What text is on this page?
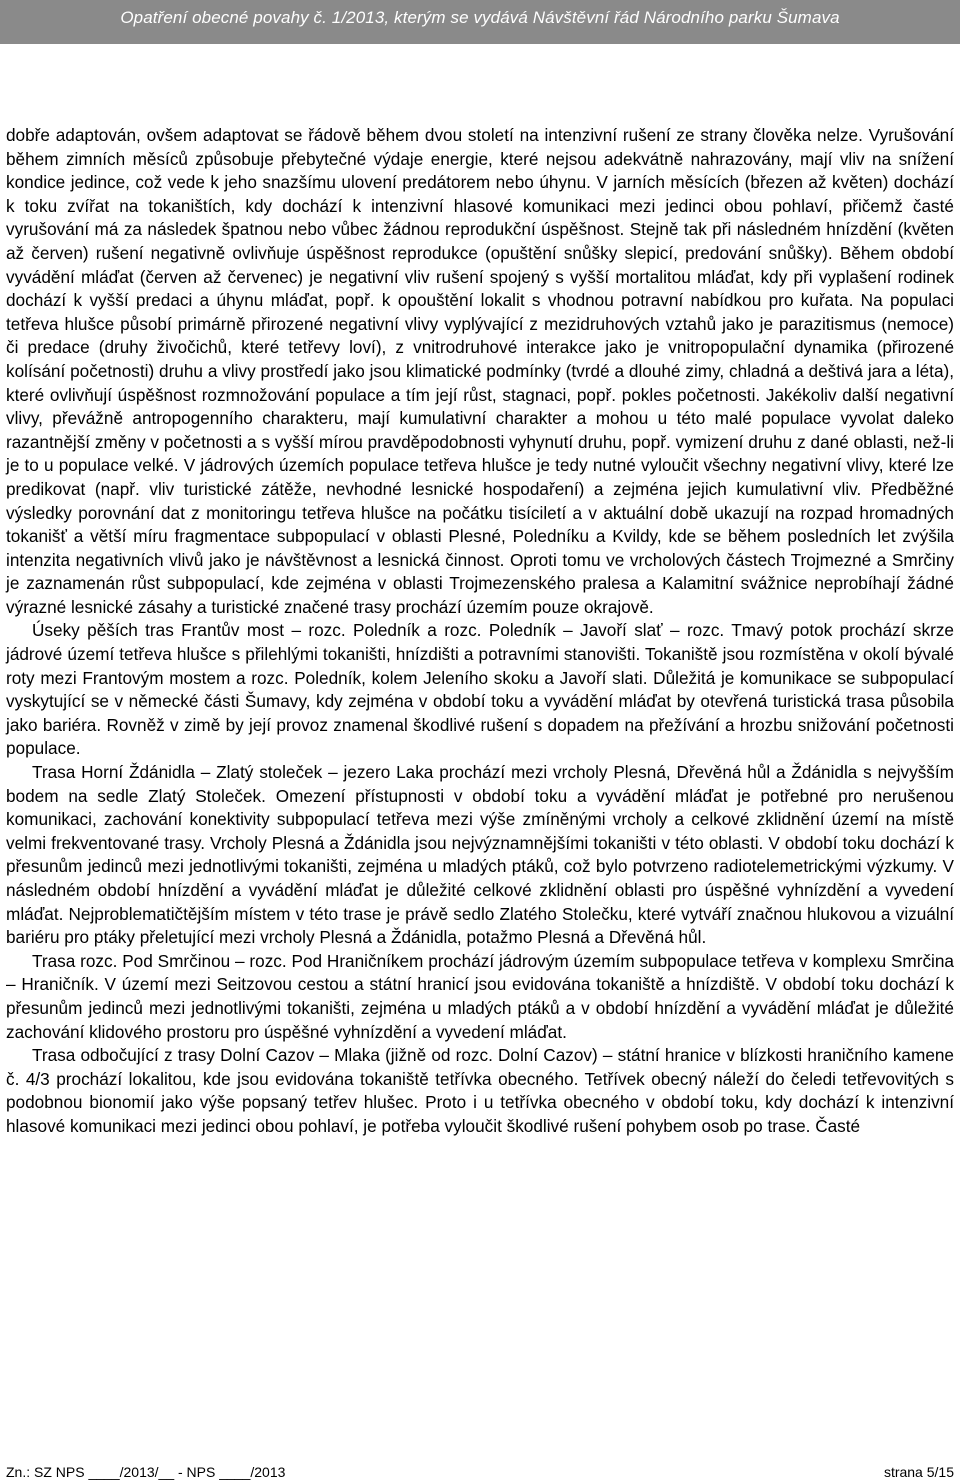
Opatření obecné povahy č. 1/2013, kterým se vydává Návštěvní řád Národního parku Šumava

dobře adaptován, ovšem adaptovat se řádově během dvou století na intenzivní rušení ze strany člověka nelze. Vyrušování během zimních měsíců způsobuje přebytečné výdaje energie, které nejsou adekvátně nahrazovány, mají vliv na snížení kondice jedince, což vede k jeho snazšímu ulovení predátorem nebo úhynu. V jarních měsících (březen až květen) dochází k toku zvířat na tokaništích, kdy dochází k intenzivní hlasové komunikaci mezi jedinci obou pohlaví, přičemž časté vyrušování má za následek špatnou nebo vůbec žádnou reprodukční úspěšnost. Stejně tak při následném hnízdění (květen až červen) rušení negativně ovlivňuje úspěšnost reprodukce (opuštění snůšky slepicí, predování snůšky). Během období vyvádění mláďat (červen až červenec) je negativní vliv rušení spojený s vyšší mortalitou mláďat, kdy při vyplašení rodinek dochází k vyšší predaci a úhynu mláďat, popř. k opouštění lokalit s vhodnou potravní nabídkou pro kuřata. Na populaci tetřeva hlušce působí primárně přirozené negativní vlivy vyplývající z mezidruhových vztahů jako je parazitismus (nemoce) či predace (druhy živočichů, které tetřevy loví), z vnitrodruhové interakce jako je vnitropopulační dynamika (přirozené kolísání početnosti) druhu a vlivy prostředí jako jsou klimatické podmínky (tvrdé a dlouhé zimy, chladná a deštivá jara a léta), které ovlivňují úspěšnost rozmnožování populace a tím její růst, stagnaci, popř. pokles početnosti. Jakékoliv další negativní vlivy, převážně antropogenního charakteru, mají kumulativní charakter a mohou u této malé populace vyvolat daleko razantnější změny v početnosti a s vyšší mírou pravděpodobnosti vyhynutí druhu, popř. vymizení druhu z dané oblasti, než-li je to u populace velké. V jádrových územích populace tetřeva hlušce je tedy nutné vyloučit všechny negativní vlivy, které lze predikovat (např. vliv turistické zátěže, nevhodné lesnické hospodaření) a zejména jejich kumulativní vliv. Předběžné výsledky porovnání dat z monitoringu tetřeva hlušce na počátku tisíciletí a v aktuální době ukazují na rozpad hromadných tokanišť a větší míru fragmentace subpopulací v oblasti Plesné, Poledníku a Kvildy, kde se během posledních let zvýšila intenzita negativních vlivů jako je návštěvnost a lesnická činnost. Oproti tomu ve vrcholových částech Trojmezné a Smrčiny je zaznamenán růst subpopulací, kde zejména v oblasti Trojmezenského pralesa a Kalamitní svážnice neprobíhají žádné výrazné lesnické zásahy a turistické značené trasy prochází územím pouze okrajově.

Úseky pěších tras Frantův most – rozc. Poledník a rozc. Poledník – Javoří slať – rozc. Tmavý potok prochází skrze jádrové území tetřeva hlušce s přilehlými tokaništi, hnízdišti a potravními stanovišti. Tokaniště jsou rozmístěna v okolí bývalé roty mezi Frantovým mostem a rozc. Poledník, kolem Jeleního skoku a Javoří slati. Důležitá je komunikace se subpopulací vyskytující se v německé části Šumavy, kdy zejména v období toku a vyvádění mláďat by otevřená turistická trasa působila jako bariéra. Rovněž v zimě by její provoz znamenal škodlivé rušení s dopadem na přežívání a hrozbu snižování početnosti populace.

Trasa Horní Ždánidla – Zlatý stoleček – jezero Laka prochází mezi vrcholy Plesná, Dřevěná hůl a Ždánidla s nejvyšším bodem na sedle Zlatý Stoleček. Omezení přístupnosti v období toku a vyvádění mláďat je potřebné pro nerušenou komunikaci, zachování konektivity subpopulací tetřeva mezi výše zmíněnými vrcholy a celkové zklidnění území na místě velmi frekventované trasy. Vrcholy Plesná a Ždánidla jsou nejvýznamnějšími tokaništi v této oblasti. V období toku dochází k přesunům jedinců mezi jednotlivými tokaništi, zejména u mladých ptáků, což bylo potvrzeno radiotelemetrickými výzkumy. V následném období hnízdění a vyvádění mláďat je důležité celkové zklidnění oblasti pro úspěšné vyhnízdění a vyvedení mláďat. Nejproblematičtějším místem v této trase je právě sedlo Zlatého Stolečku, které vytváří značnou hlukovou a vizuální bariéru pro ptáky přeletující mezi vrcholy Plesná a Ždánidla, potažmo Plesná a Dřevěná hůl.

Trasa rozc. Pod Smrčinou – rozc. Pod Hraničníkem prochází jádrovým územím subpopulace tetřeva v komplexu Smrčina – Hraničník. V území mezi Seitzovou cestou a státní hranicí jsou evidována tokaniště a hnízdiště. V období toku dochází k přesunům jedinců mezi jednotlivými tokaništi, zejména u mladých ptáků a v období hnízdění a vyvádění mláďat je důležité zachování klidového prostoru pro úspěšné vyhnízdění a vyvedení mláďat.

Trasa odbočující z trasy Dolní Cazov – Mlaka (jižně od rozc. Dolní Cazov) – státní hranice v blízkosti hraničního kamene č. 4/3 prochází lokalitou, kde jsou evidována tokaniště tetřívka obecného. Tetřívek obecný náleží do čeledi tetřevovitých s podobnou bionomií jako výše popsaný tetřev hlušec. Proto i u tetřívka obecného v období toku, kdy dochází k intenzivní hlasové komunikaci mezi jedinci obou pohlaví, je potřeba vyloučit škodlivé rušení pohybem osob po trase. Časté

Zn.: SZ NPS ____/2013/__ - NPS ____/2013	strana 5/15
